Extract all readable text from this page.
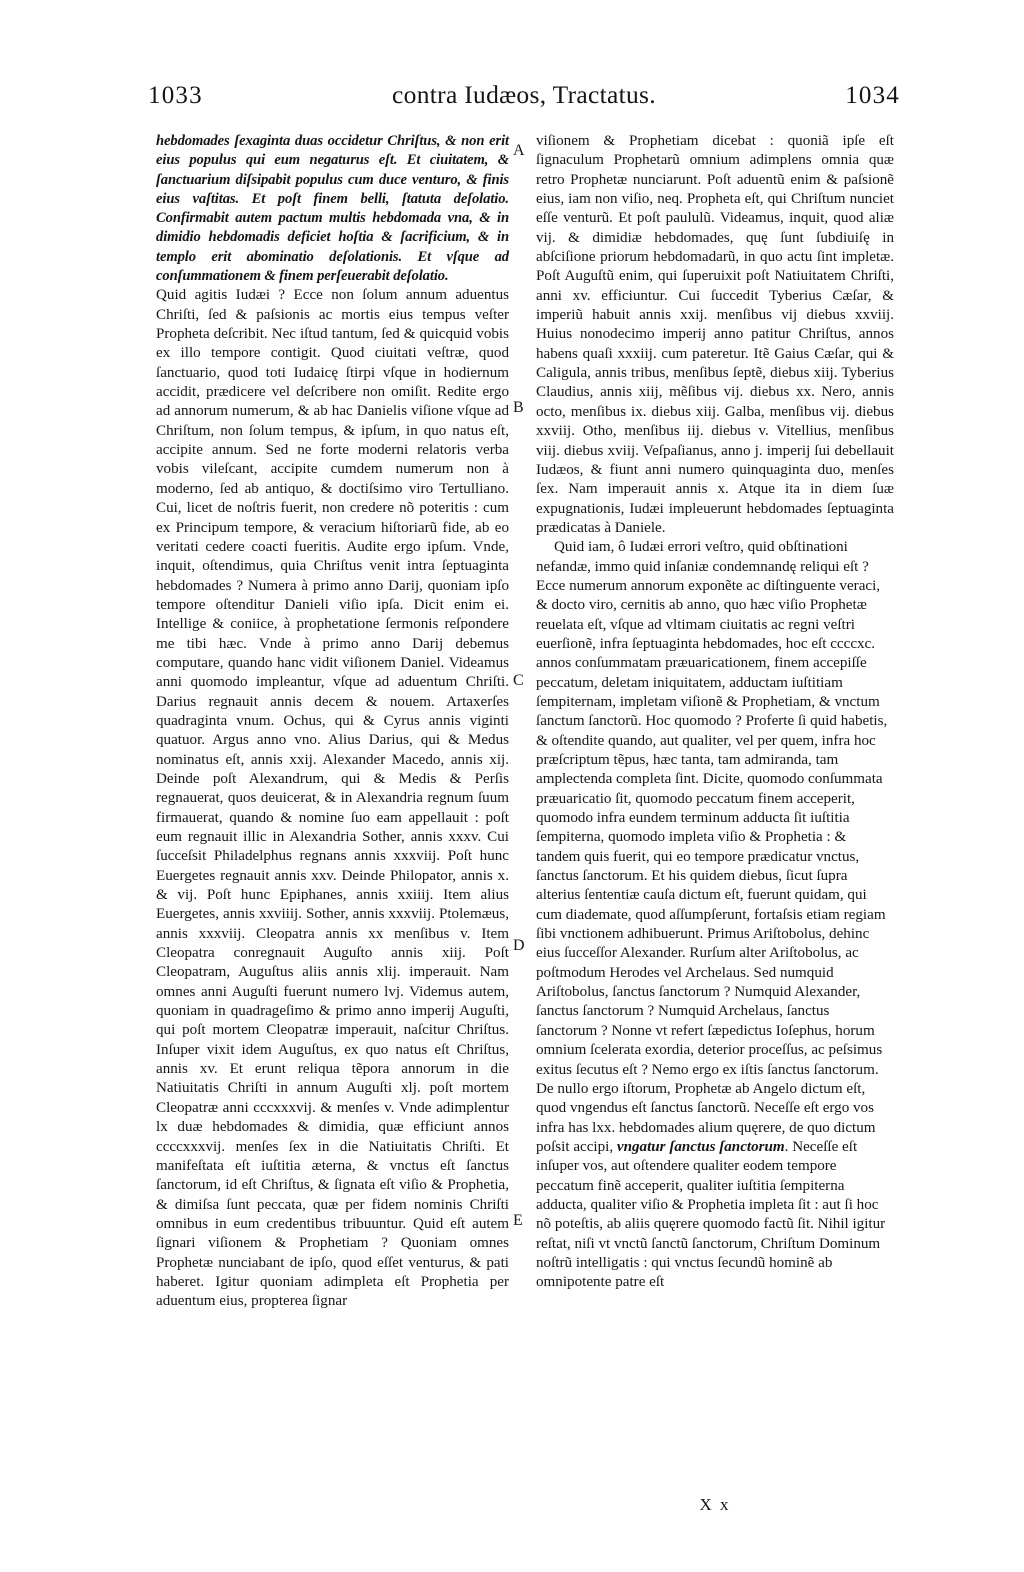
1033	contra Iudæos, Tractatus.	1034

hebdomades ſexaginta duas occidetur Chriſtus, & non erit eius populus qui eum negaturus eſt. Et ciuitatem, & ſanctuarium diſsipabit populus cum duce venturo, & finis eius vaſtitas. Et poſt finem belli, ſtatuta deſolatio. Confirmabit autem pactum multis hebdomada vna, & in dimidio hebdomadis deficiet hoſtia & ſacrificium, & in templo erit abominatio deſolationis. Et vſque ad conſummationem & finem perſeuerabit deſolatio.

Quid agitis Iudæi ? Ecce non ſolum annum aduentus Chriſti, ſed & paſsionis ac mortis eius tempus veſter Propheta deſcribit. Nec iſtud tantum, ſed & quicquid vobis ex illo tempore contigit. Quod ciuitati veſtræ, quod ſanctuario, quod toti Iudaicę ſtirpi vſque in hodiernum accidit, prædicere vel deſcribere non omiſit. Redite ergo ad annorum numerum, & ab hac Danielis viſione vſque ad Chriſtum, non ſolum tempus, & ipſum, in quo natus eſt, accipite annum. Sed ne forte moderni relatoris verba vobis vileſcant, accipite cumdem numerum non à moderno, ſed ab antiquo, & doctiſsimo viro Tertulliano. Cui, licet de noſtris fuerit, non credere nõ poteritis : cum ex Principum tempore, & veracium hiſtoriarũ fide, ab eo veritati cedere coacti fueritis. Audite ergo ipſum. Vnde, inquit, oſtendimus, quia Chriſtus venit intra ſeptuaginta hebdomades ? Numera à primo anno Darij, quoniam ipſo tempore oſtenditur Danieli viſio ipſa. Dicit enim ei. Intellige & coniice, à prophetatione ſermonis reſpondere me tibi hæc. Vnde à primo anno Darij debemus computare, quando hanc vidit viſionem Daniel. Videamus anni quomodo impleantur, vſque ad aduentum Chriſti. Darius regnauit annis decem & nouem. Artaxerſes quadraginta vnum. Ochus, qui & Cyrus annis viginti quatuor. Argus anno vno. Alius Darius, qui & Medus nominatus eſt, annis xxij. Alexander Macedo, annis xij. Deinde poſt Alexandrum, qui & Medis & Perſis regnauerat, quos deuicerat, & in Alexandria regnum ſuum firmauerat, quando & nomine ſuo eam appellauit : poſt eum regnauit illic in Alexandria Sother, annis xxxv. Cui ſucceſsit Philadelphus regnans annis xxxviij. Poſt hunc Euergetes regnauit annis xxv. Deinde Philopator, annis x. & vij. Poſt hunc Epiphanes, annis xxiiij. Item alius Euergetes, annis xxviiij. Sother, annis xxxviij. Ptolemæus, annis xxxviij. Cleopatra annis xx menſibus v. Item Cleopatra conregnauit Auguſto annis xiij. Poſt Cleopatram, Auguſtus aliis annis xlij. imperauit. Nam omnes anni Auguſti fuerunt numero lvj. Videmus autem, quoniam in quadrageſimo & primo anno imperij Auguſti, qui poſt mortem Cleopatræ imperauit, naſcitur Chriſtus. Inſuper vixit idem Auguſtus, ex quo natus eſt Chriſtus, annis xv. Et erunt reliqua tẽpora annorum in die Natiuitatis Chriſti in annum Auguſti xlj. poſt mortem Cleopatræ anni cccxxxvij. & menſes v. Vnde adimplentur lx duæ hebdomades & dimidia, quæ efficiunt annos ccccxxxvij. menſes ſex in die Natiuitatis Chriſti. Et manifeſtata eſt iuſtitia æterna, & vnctus eſt ſanctus ſanctorum, id eſt Chriſtus, & ſignata eſt viſio & Prophetia, & dimiſsa ſunt peccata, quæ per fidem nominis Chriſti omnibus in eum credentibus tribuuntur. Quid eſt autem ſignari viſionem & Prophetiam ? Quoniam omnes Prophetæ nunciabant de ipſo, quod eſſet venturus, & pati haberet. Igitur quoniam adimpleta eſt Prophetia per aduentum eius, propterea ſignar

viſionem & Prophetiam dicebat : quoniã ipſe eſt ſignaculum Prophetarũ omnium adimplens omnia quæ retro Prophetæ nunciarunt. Poſt aduentũ enim & paſsionẽ eius, iam non viſio, neq. Propheta eſt, qui Chriſtum nunciet eſſe venturũ. Et poſt paululũ. Videamus, inquit, quod aliæ vij. & dimidiæ hebdomades, quę ſunt ſubdiuiſę in abſciſione priorum hebdomadarũ, in quo actu ſint impletæ. Poſt Auguſtũ enim, qui ſuperuixit poſt Natiuitatem Chriſti, anni xv. efficiuntur. Cui ſuccedit Tyberius Cæſar, & imperiũ habuit annis xxij. menſibus vij diebus xxviij. Huius nonodecimo imperij anno patitur Chriſtus, annos habens quaſi xxxiij. cum pateretur. Itẽ Gaius Cæſar, qui & Caligula, annis tribus, menſibus ſeptẽ, diebus xiij. Tyberius Claudius, annis xiij, mẽſibus vij. diebus xx. Nero, annis octo, menſibus ix. diebus xiij. Galba, menſibus vij. diebus xxviij. Otho, menſibus iij. diebus v. Vitellius, menſibus viij. diebus xviij. Veſpaſianus, anno j. imperij ſui debellauit Iudæos, & fiunt anni numero quinquaginta duo, menſes ſex. Nam imperauit annis x. Atque ita in diem ſuæ expugnationis, Iudæi impleuerunt hebdomades ſeptuaginta prædicatas à Daniele.

Quid iam, ô Iudæi errori veſtro, quid obſtinationi nefandæ, immo quid inſaniæ condemnandę reliqui eſt ? Ecce numerum annorum exponẽte ac diſtinguente veraci, & docto viro, cernitis ab anno, quo hæc viſio Prophetæ reuelata eſt, vſque ad vltimam ciuitatis ac regni veſtri euerſionẽ, infra ſeptuaginta hebdomades, hoc eſt ccccxc. annos conſummatam præuaricationem, finem accepiſſe peccatum, deletam iniquitatem, adductam iuſtitiam ſempiternam, impletam viſionẽ & Prophetiam, & vnctum ſanctum ſanctorũ. Hoc quomodo ? Proferte ſi quid habetis, & oſtendite quando, aut qualiter, vel per quem, infra hoc præſcriptum tẽpus, hæc tanta, tam admiranda, tam amplectenda completa ſint. Dicite, quomodo conſummata præuaricatio ſit, quomodo peccatum finem acceperit, quomodo infra eundem terminum adducta ſit iuſtitia ſempiterna, quomodo impleta viſio & Prophetia : & tandem quis fuerit, qui eo tempore prædicatur vnctus, ſanctus ſanctorum. Et his quidem diebus, ſicut ſupra alterius ſententiæ cauſa dictum eſt, fuerunt quidam, qui cum diademate, quod aſſumpſerunt, fortaſsis etiam regiam ſibi vnctionem adhibuerunt. Primus Ariſtobolus, dehinc eius ſucceſſor Alexander. Rurſum alter Ariſtobolus, ac poſtmodum Herodes vel Archelaus. Sed numquid Ariſtobolus, ſanctus ſanctorum ? Numquid Alexander, ſanctus ſanctorum ? Numquid Archelaus, ſanctus ſanctorum ? Nonne vt refert ſæpedictus Ioſephus, horum omnium ſcelerata exordia, deterior proceſſus, ac peſsimus exitus ſecutus eſt ? Nemo ergo ex iſtis ſanctus ſanctorum. De nullo ergo iſtorum, Prophetæ ab Angelo dictum eſt, quod vngendus eſt ſanctus ſanctorũ. Neceſſe eſt ergo vos infra has lxx. hebdomades alium quęrere, de quo dictum poſsit accipi, vngatur ſanctus ſanctorum. Neceſſe eſt inſuper vos, aut oſtendere qualiter eodem tempore peccatum finẽ acceperit, qualiter iuſtitia ſempiterna adducta, qualiter viſio & Prophetia impleta ſit : aut ſi hoc nõ poteſtis, ab aliis quęrere quomodo factũ ſit. Nihil igitur reſtat, niſi vt vnctũ ſanctũ ſanctorum, Chriſtum Dominum noſtrũ intelligatis : qui vnctus ſecundũ hominẽ ab omnipotente patre eſt

A
B
C
D
E
X x
